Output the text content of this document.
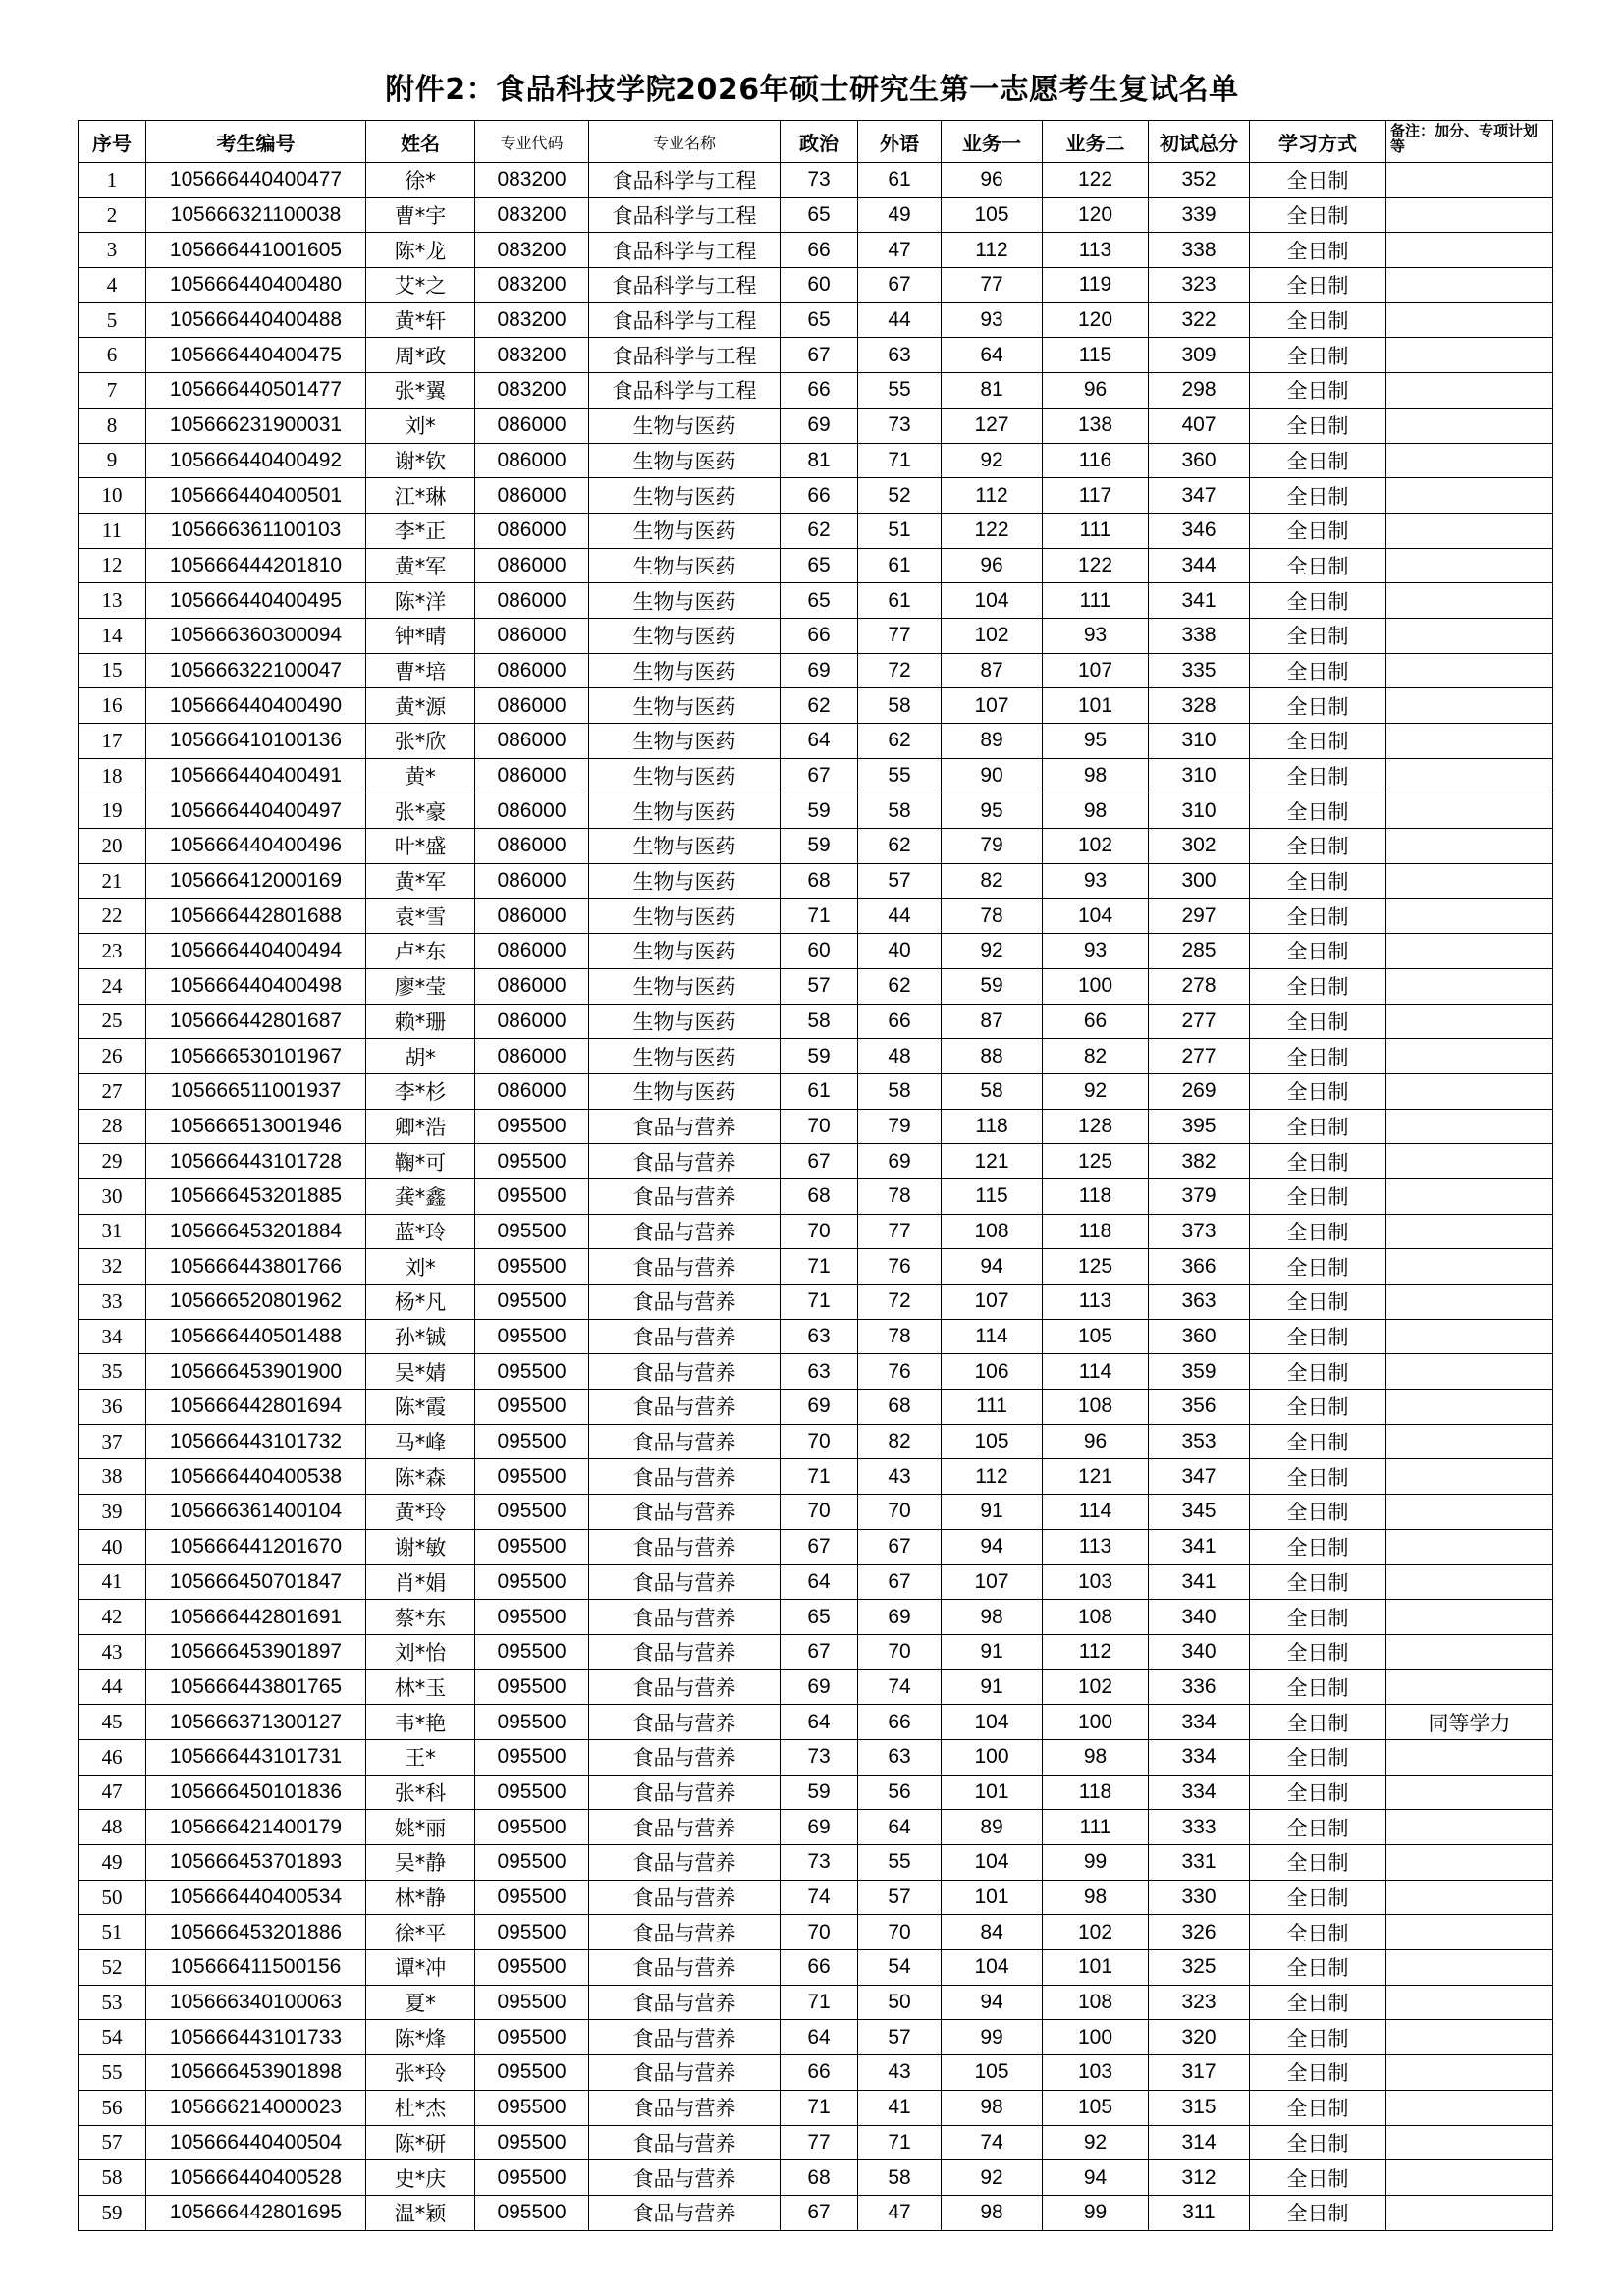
附件2：食品科技学院2026年硕士研究生第一志愿考生复试名单
序号	考生编号	姓名	专业代码	专业名称	政治	外语	业务一	业务二	初试总分	学习方式	备注：加分、专项计划等
1	105666440400477	徐*	083200	食品科学与工程	73	61	96	122	352	全日制	
2	105666321100038	曹*宇	083200	食品科学与工程	65	49	105	120	339	全日制	
3	105666441001605	陈*龙	083200	食品科学与工程	66	47	112	113	338	全日制	
4	105666440400480	艾*之	083200	食品科学与工程	60	67	77	119	323	全日制	
5	105666440400488	黄*轩	083200	食品科学与工程	65	44	93	120	322	全日制	
6	105666440400475	周*政	083200	食品科学与工程	67	63	64	115	309	全日制	
7	105666440501477	张*翼	083200	食品科学与工程	66	55	81	96	298	全日制	
8	105666231900031	刘*	086000	生物与医药	69	73	127	138	407	全日制	
9	105666440400492	谢*钦	086000	生物与医药	81	71	92	116	360	全日制	
10	105666440400501	江*琳	086000	生物与医药	66	52	112	117	347	全日制	
11	105666361100103	李*正	086000	生物与医药	62	51	122	111	346	全日制	
12	105666444201810	黄*军	086000	生物与医药	65	61	96	122	344	全日制	
13	105666440400495	陈*洋	086000	生物与医药	65	61	104	111	341	全日制	
14	105666360300094	钟*晴	086000	生物与医药	66	77	102	93	338	全日制	
15	105666322100047	曹*培	086000	生物与医药	69	72	87	107	335	全日制	
16	105666440400490	黄*源	086000	生物与医药	62	58	107	101	328	全日制	
17	105666410100136	张*欣	086000	生物与医药	64	62	89	95	310	全日制	
18	105666440400491	黄*	086000	生物与医药	67	55	90	98	310	全日制	
19	105666440400497	张*豪	086000	生物与医药	59	58	95	98	310	全日制	
20	105666440400496	叶*盛	086000	生物与医药	59	62	79	102	302	全日制	
21	105666412000169	黄*军	086000	生物与医药	68	57	82	93	300	全日制	
22	105666442801688	袁*雪	086000	生物与医药	71	44	78	104	297	全日制	
23	105666440400494	卢*东	086000	生物与医药	60	40	92	93	285	全日制	
24	105666440400498	廖*莹	086000	生物与医药	57	62	59	100	278	全日制	
25	105666442801687	赖*珊	086000	生物与医药	58	66	87	66	277	全日制	
26	105666530101967	胡*	086000	生物与医药	59	48	88	82	277	全日制	
27	105666511001937	李*杉	086000	生物与医药	61	58	58	92	269	全日制	
28	105666513001946	卿*浩	095500	食品与营养	70	79	118	128	395	全日制	
29	105666443101728	鞠*可	095500	食品与营养	67	69	121	125	382	全日制	
30	105666453201885	龚*鑫	095500	食品与营养	68	78	115	118	379	全日制	
31	105666453201884	蓝*玲	095500	食品与营养	70	77	108	118	373	全日制	
32	105666443801766	刘*	095500	食品与营养	71	76	94	125	366	全日制	
33	105666520801962	杨*凡	095500	食品与营养	71	72	107	113	363	全日制	
34	105666440501488	孙*铖	095500	食品与营养	63	78	114	105	360	全日制	
35	105666453901900	吴*婧	095500	食品与营养	63	76	106	114	359	全日制	
36	105666442801694	陈*霞	095500	食品与营养	69	68	111	108	356	全日制	
37	105666443101732	马*峰	095500	食品与营养	70	82	105	96	353	全日制	
38	105666440400538	陈*森	095500	食品与营养	71	43	112	121	347	全日制	
39	105666361400104	黄*玲	095500	食品与营养	70	70	91	114	345	全日制	
40	105666441201670	谢*敏	095500	食品与营养	67	67	94	113	341	全日制	
41	105666450701847	肖*娟	095500	食品与营养	64	67	107	103	341	全日制	
42	105666442801691	蔡*东	095500	食品与营养	65	69	98	108	340	全日制	
43	105666453901897	刘*怡	095500	食品与营养	67	70	91	112	340	全日制	
44	105666443801765	林*玉	095500	食品与营养	69	74	91	102	336	全日制	
45	105666371300127	韦*艳	095500	食品与营养	64	66	104	100	334	全日制	同等学力
46	105666443101731	王*	095500	食品与营养	73	63	100	98	334	全日制	
47	105666450101836	张*科	095500	食品与营养	59	56	101	118	334	全日制	
48	105666421400179	姚*丽	095500	食品与营养	69	64	89	111	333	全日制	
49	105666453701893	吴*静	095500	食品与营养	73	55	104	99	331	全日制	
50	105666440400534	林*静	095500	食品与营养	74	57	101	98	330	全日制	
51	105666453201886	徐*平	095500	食品与营养	70	70	84	102	326	全日制	
52	105666411500156	谭*冲	095500	食品与营养	66	54	104	101	325	全日制	
53	105666340100063	夏*	095500	食品与营养	71	50	94	108	323	全日制	
54	105666443101733	陈*烽	095500	食品与营养	64	57	99	100	320	全日制	
55	105666453901898	张*玲	095500	食品与营养	66	43	105	103	317	全日制	
56	105666214000023	杜*杰	095500	食品与营养	71	41	98	105	315	全日制	
57	105666440400504	陈*研	095500	食品与营养	77	71	74	92	314	全日制	
58	105666440400528	史*庆	095500	食品与营养	68	58	92	94	312	全日制	
59	105666442801695	温*颖	095500	食品与营养	67	47	98	99	311	全日制	
